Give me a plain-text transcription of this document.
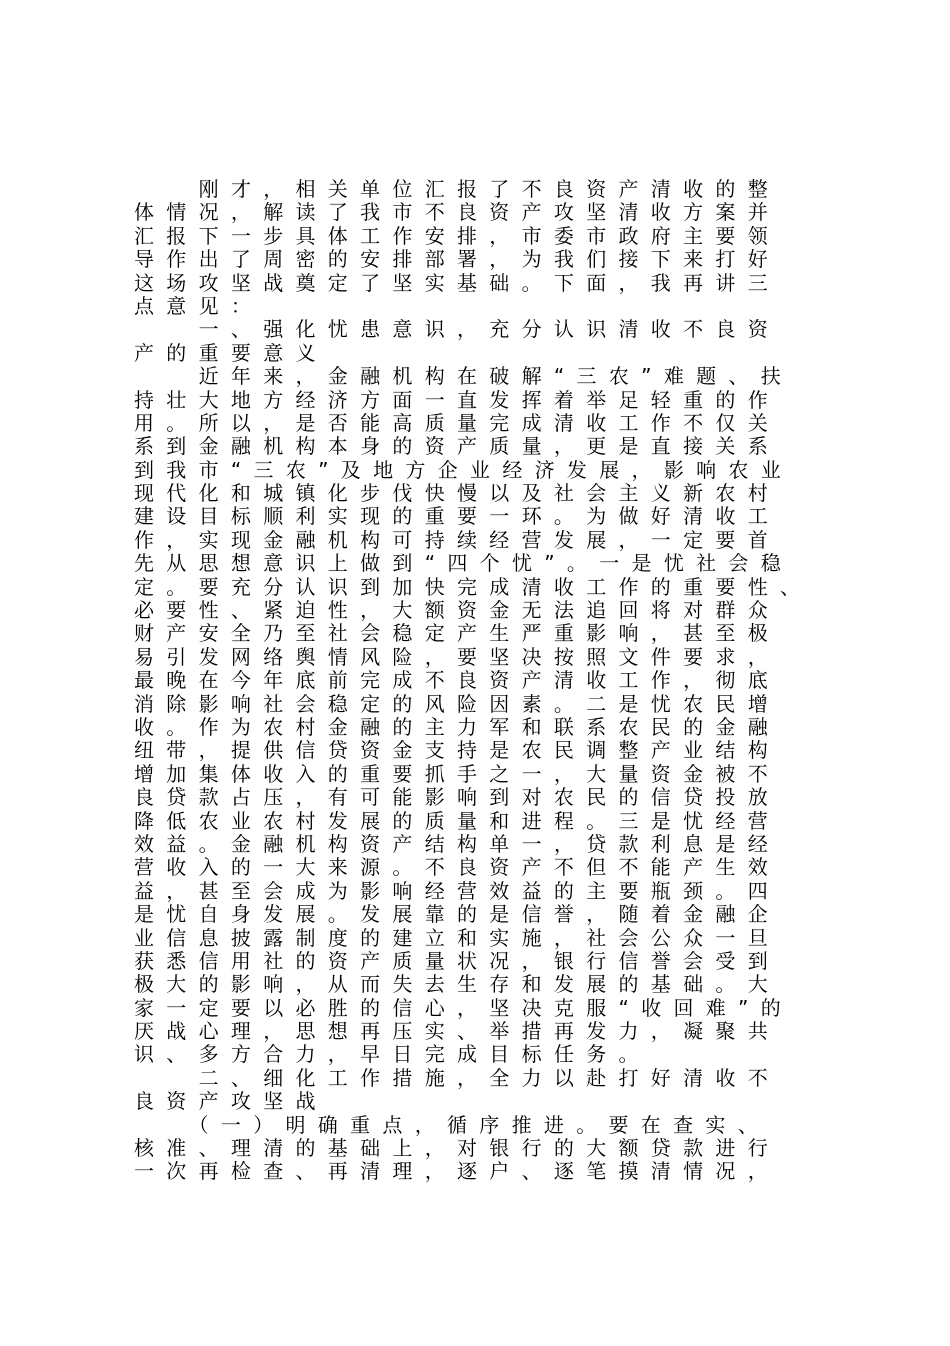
　　刚才，相关单位汇报了不良资产清收的整
体情况，解读了我市不良资产攻坚清收方案并
汇报下一步具体工作安排，市委市政府主要领
导作出了周密的安排部署，为我们接下来打好
这场攻坚战奠定了坚实基础。下面，我再讲三
点意见：
　　一、强化忧患意识，充分认识清收不良资
产的重要意义
　　近年来，金融机构在破解“三农”难题、扶
持壮大地方经济方面一直发挥着举足轻重的作
用。所以，是否能高质量完成清收工作不仅关
系到金融机构本身的资产质量，更是直接关系
到我市“三农”及地方企业经济发展，影响农业
现代化和城镇化步伐快慢以及社会主义新农村
建设目标顺利实现的重要一环。为做好清收工
作，实现金融机构可持续经营发展，一定要首
先从思想意识上做到“四个忧”。一是忧社会稳
定。要充分认识到加快完成清收工作的重要性、
必要性、紧迫性，大额资金无法追回将对群众
财产安全乃至社会稳定产生严重影响，甚至极
易引发网络舆情风险，要坚决按照文件要求，
最晚在今年底前完成不良资产清收工作，彻底
消除影响社会稳定的风险因素。二是忧农民增
收。作为农村金融的主力军和联系农民的金融
纽带，提供信贷资金支持是农民调整产业结构
增加集体收入的重要抓手之一，大量资金被不
良贷款占压，有可能影响到对农民的信贷投放
降低农业农村发展的质量和进程。三是忧经营
效益。金融机构资产结构单一，贷款利息是经
营收入的一大来源。不良资产不但不能产生效
益，甚至会成为影响经营效益的主要瓶颈。四
是忧自身发展。发展靠的是信誉，随着金融企
业信息披露制度的建立和实施，社会公众一旦
获悉信用社的资产质量状况，银行信誉会受到
极大的影响，从而失去生存和发展的基础。大
家一定要以必胜的信心，坚决克服“收回难”的
厌战心理，思想再压实、举措再发力，凝聚共
识、多方合力，早日完成目标任务。
　　二、细化工作措施，全力以赴打好清收不
良资产攻坚战
　　（一）明确重点，循序推进。要在查实、
核准、理清的基础上，对银行的大额贷款进行
一次再检查、再清理，逐户、逐笔摸清情况，
